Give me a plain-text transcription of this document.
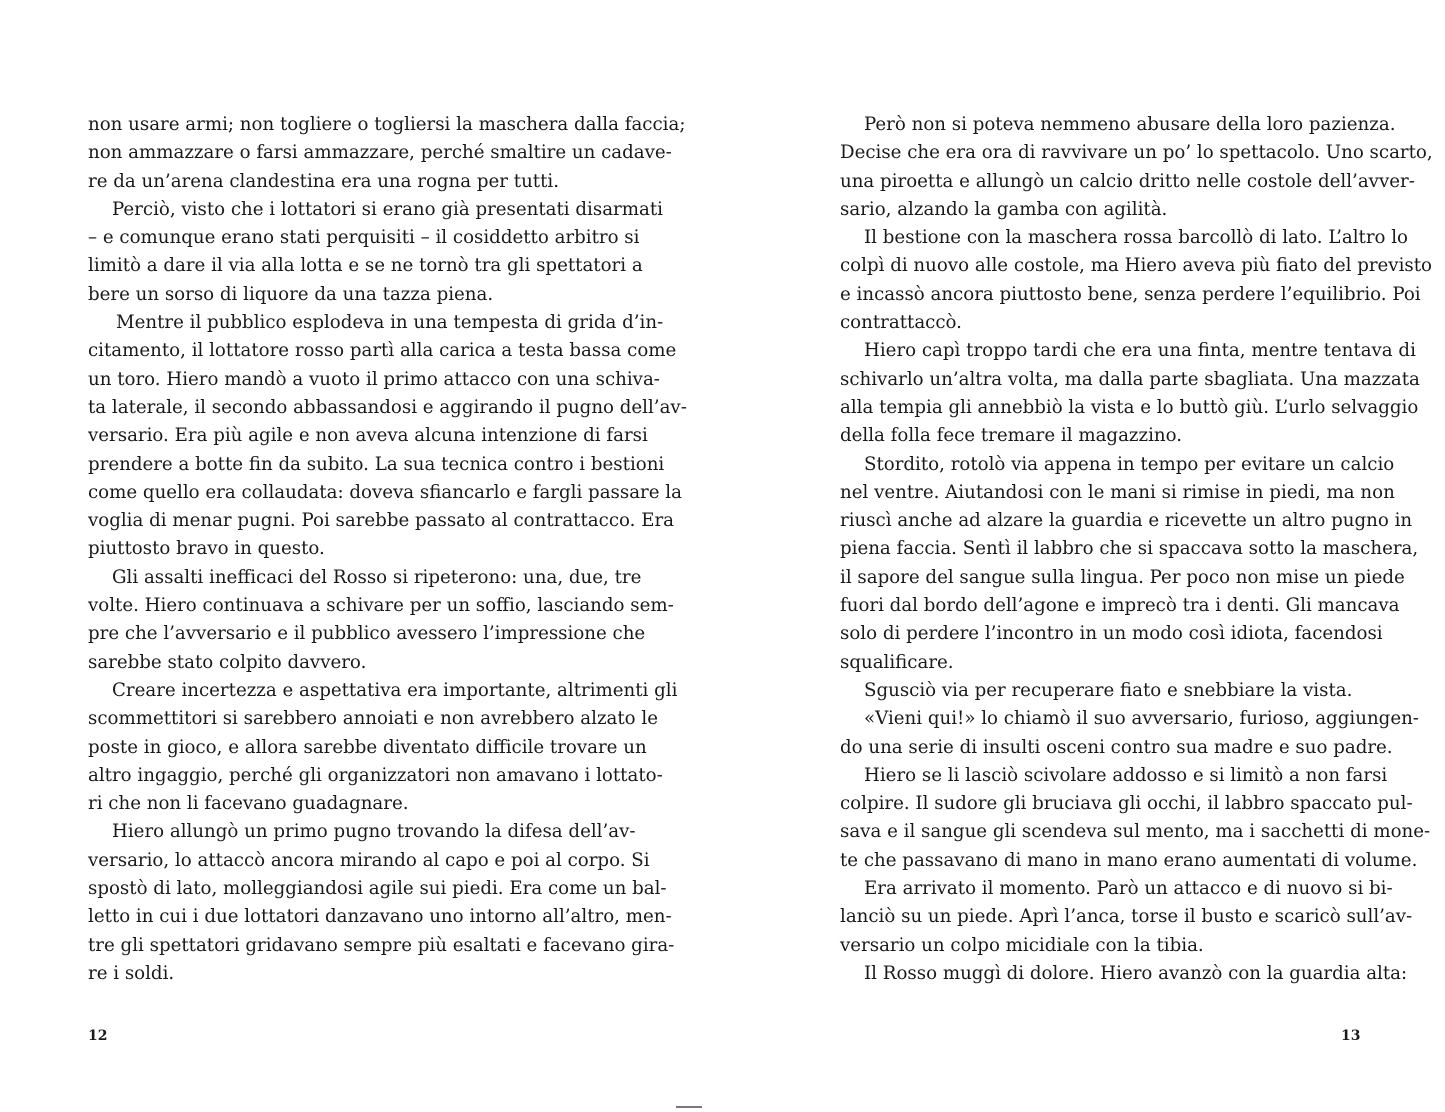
non usare armi; non togliere o togliersi la maschera dalla faccia;
non ammazzare o farsi ammazzare, perché smaltire un cadave-
re da un’arena clandestina era una rogna per tutti.
Perciò, visto che i lottatori si erano già presentati disarmati
– e comunque erano stati perquisiti – il cosiddetto arbitro si
limitò a dare il via alla lotta e se ne tornò tra gli spettatori a
bere un sorso di liquore da una tazza piena.
Mentre il pubblico esplodeva in una tempesta di grida d’in-
citamento, il lottatore rosso partì alla carica a testa bassa come
un toro. Hiero mandò a vuoto il primo attacco con una schiva-
ta laterale, il secondo abbassandosi e aggirando il pugno dell’av-
versario. Era più agile e non aveva alcuna intenzione di farsi
prendere a botte fin da subito. La sua tecnica contro i bestioni
come quello era collaudata: doveva sfiancarlo e fargli passare la
voglia di menar pugni. Poi sarebbe passato al contrattacco. Era
piuttosto bravo in questo.
Gli assalti inefficaci del Rosso si ripeterono: una, due, tre
volte. Hiero continuava a schivare per un soffio, lasciando sem-
pre che l’avversario e il pubblico avessero l’impressione che
sarebbe stato colpito davvero.
Creare incertezza e aspettativa era importante, altrimenti gli
scommettitori si sarebbero annoiati e non avrebbero alzato le
poste in gioco, e allora sarebbe diventato difficile trovare un
altro ingaggio, perché gli organizzatori non amavano i lottato-
ri che non li facevano guadagnare.
Hiero allungò un primo pugno trovando la difesa dell’av-
versario, lo attaccò ancora mirando al capo e poi al corpo. Si
spostò di lato, molleggiandosi agile sui piedi. Era come un bal-
letto in cui i due lottatori danzavano uno intorno all’altro, men-
tre gli spettatori gridavano sempre più esaltati e facevano gira-
re i soldi.
12
Però non si poteva nemmeno abusare della loro pazienza.
Decise che era ora di ravvivare un po’ lo spettacolo. Uno scarto,
una piroetta e allungò un calcio dritto nelle costole dell’avver-
sario, alzando la gamba con agilità.
Il bestione con la maschera rossa barcollò di lato. L’altro lo
colpì di nuovo alle costole, ma Hiero aveva più fiato del previsto
e incassò ancora piuttosto bene, senza perdere l’equilibrio. Poi
contrattaccò.
Hiero capì troppo tardi che era una finta, mentre tentava di
schivarlo un’altra volta, ma dalla parte sbagliata. Una mazzata
alla tempia gli annebbiò la vista e lo buttò giù. L’urlo selvaggio
della folla fece tremare il magazzino.
Stordito, rotolò via appena in tempo per evitare un calcio
nel ventre. Aiutandosi con le mani si rimise in piedi, ma non
riuscì anche ad alzare la guardia e ricevette un altro pugno in
piena faccia. Sentì il labbro che si spaccava sotto la maschera,
il sapore del sangue sulla lingua. Per poco non mise un piede
fuori dal bordo dell’agone e imprecò tra i denti. Gli mancava
solo di perdere l’incontro in un modo così idiota, facendosi
squalificare.
Sgusciò via per recuperare fiato e snebbiare la vista.
«Vieni qui!» lo chiamò il suo avversario, furioso, aggiungen-
do una serie di insulti osceni contro sua madre e suo padre.
Hiero se li lasciò scivolare addosso e si limitò a non farsi
colpire. Il sudore gli bruciava gli occhi, il labbro spaccato pul-
sava e il sangue gli scendeva sul mento, ma i sacchetti di mone-
te che passavano di mano in mano erano aumentati di volume.
Era arrivato il momento. Parò un attacco e di nuovo si bi-
lanciò su un piede. Aprì l’anca, torse il busto e scaricò sull’av-
versario un colpo micidiale con la tibia.
Il Rosso muggì di dolore. Hiero avanzò con la guardia alta:
13
